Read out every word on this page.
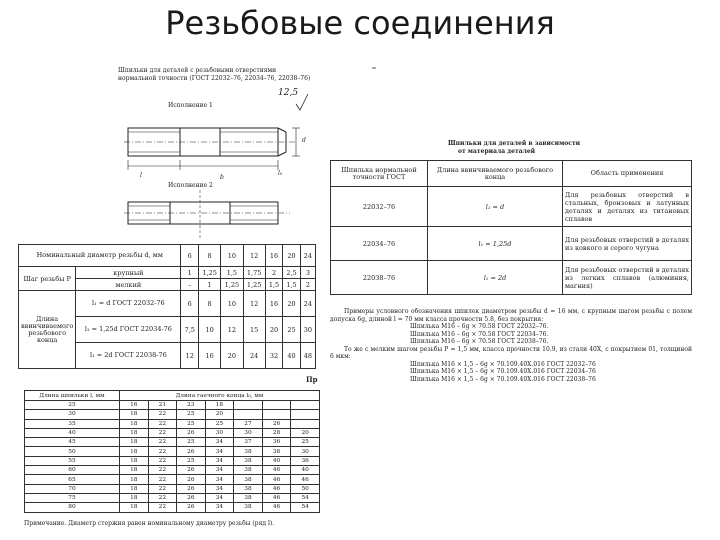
Резьбовые соединения
Шпильки для деталей с резьбовыми отверстиями
нормальной точности (ГОСТ 22032–76, 22034–76, 22038–76)
Исполнение 1
12,5
Исполнение 2
l	l₀
b
d
Номинальный диаметр резьбы d, мм		6	8	10	12	16	20	24
Шаг резьбы P	крупный	1	1,25	1,5	1,75	2	2,5	3
	мелкий	–	1	1,25	1,25	1,5	1,5	2
Длина ввинчиваемого резьбового конца	l₁ = d ГОСТ 22032-76	6	8	10	12	16	20	24
	l₁ = 1,25d ГОСТ 22034-76	7,5	10	12	15	20	25	30
	l₁ = 2d ГОСТ 22038-76	12	16	20	24	32	40	48
Пр
Длина шпильки l, мм	Длина гаечного конца l₀, мм						
25	16	21	23	18			
30	18	22	25	20			
35	18	22	25	25	27	26	
40	18	22	26	30	30	28	20
45	18	22	25	34	37	36	25
50	18	22	26	34	38	38	30
55	18	22	25	34	38	40	36
60	18	22	26	34	38	46	40
65	18	22	26	34	38	46	46
70	18	22	26	34	38	46	50
75	18	22	26	34	38	46	54
80	18	22	26	34	38	46	54
Примечание. Диаметр стержня равен номинальному диаметру резьбы (ряд l).
Шпильки для деталей в зависимости
от материала деталей
Шпилька нормальной точности ГОСТ	Длина ввинчиваемого резьбового конца	Область применения
22032–76	l₁ = d	Для резьбовых отверстий в стальных, бронзовых и латунных деталях и деталях из титановых сплавов
22034–76	l₁ = 1,25d	Для резьбовых отверстий в деталях из ковкого и серого чугуна
22038–76	l₁ = 2d	Для резьбовых отверстий в деталях из легких сплавов (алюминия, магния)
Примеры условного обозначения шпилек диаметром резьбы d = 16 мм, с крупным шагом резьбы с полем допуска 6g, длиной l = 70 мм класса прочности 5.8, без покрытия:
Шпилька М16 – 6g × 70.58 ГОСТ 22032–76.
Шпилька М16 – 6g × 70.58 ГОСТ 22034–76.
Шпилька М16 – 6g × 70.58 ГОСТ 22038–76.
То же с мелким шагом резьбы P = 1,5 мм, класса прочности 10.9, из стали 40Х, с покрытием 01, толщиной 6 мкм:
Шпилька М16 × 1,5 – 6g × 70.109.40Х.016 ГОСТ 22032–76
Шпилька М16 × 1,5 – 6g × 70.109.40Х.016 ГОСТ 22034–76
Шпилька М16 × 1,5 – 6g × 70.109.40Х.016 ГОСТ 22038–76
